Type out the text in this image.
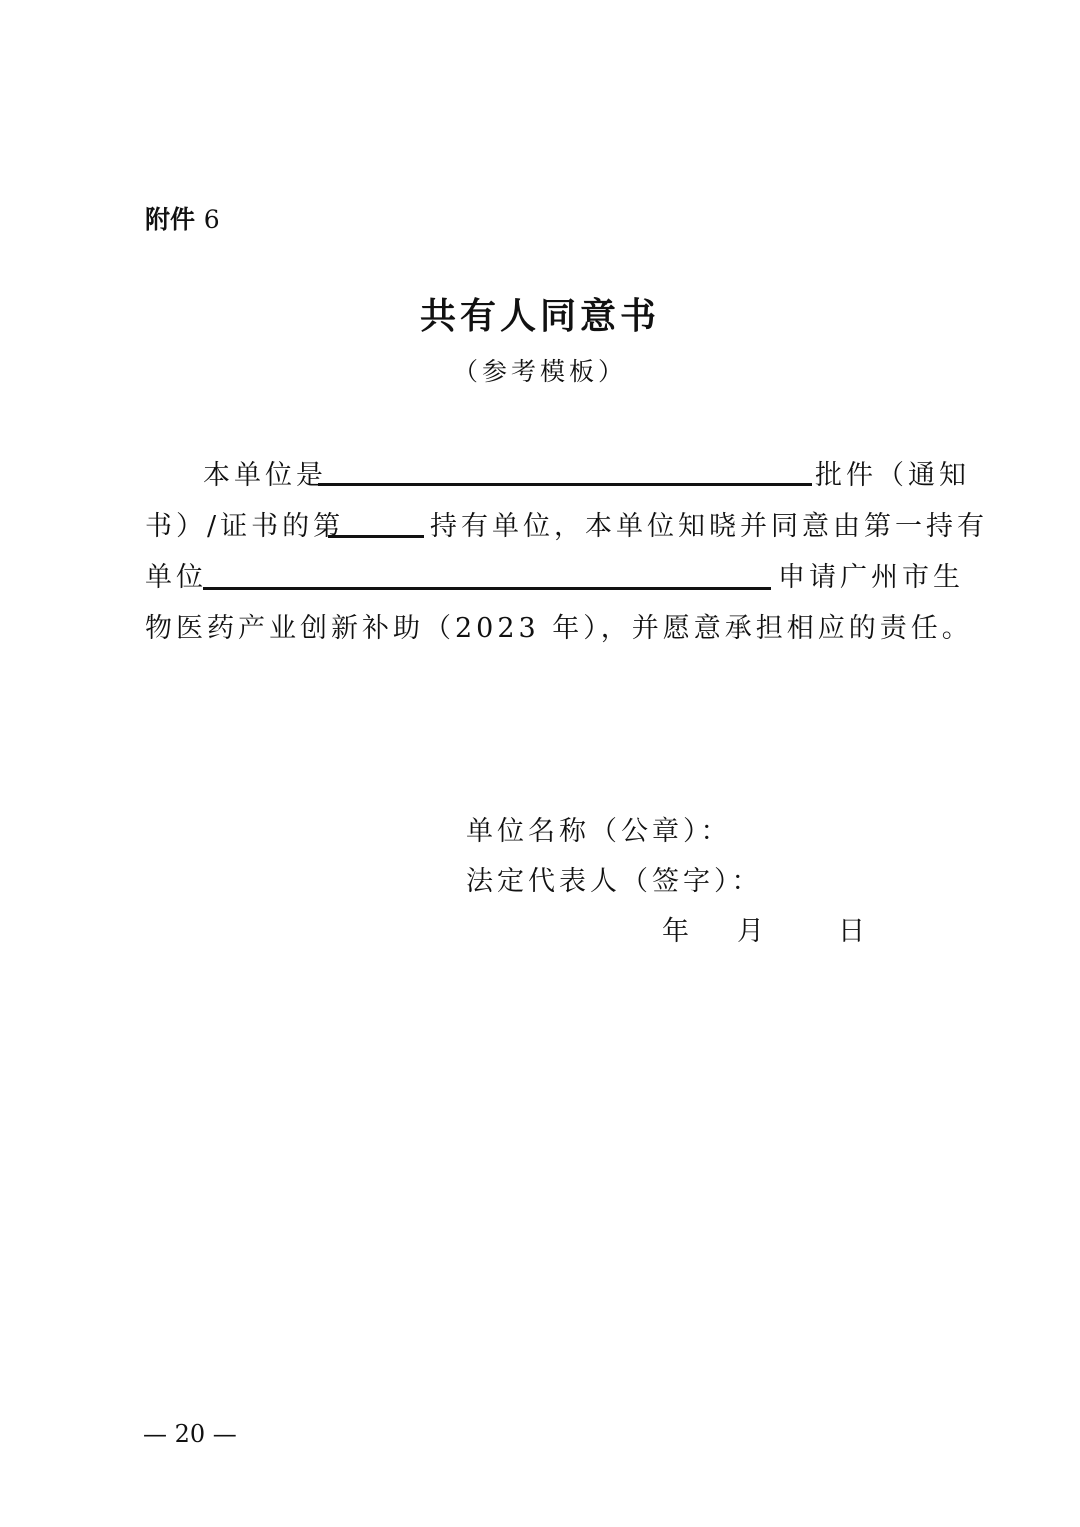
附件 6
共有人同意书
（参考模板）
本单位是	批件（通知
书）/证书的第	持有单位，本单位知晓并同意由第一持有
单位	申请广州市生
物医药产业创新补助（2023 年），并愿意承担相应的责任。
单位名称（公章）：
法定代表人（签字）：
年 月	日
— 20 —
